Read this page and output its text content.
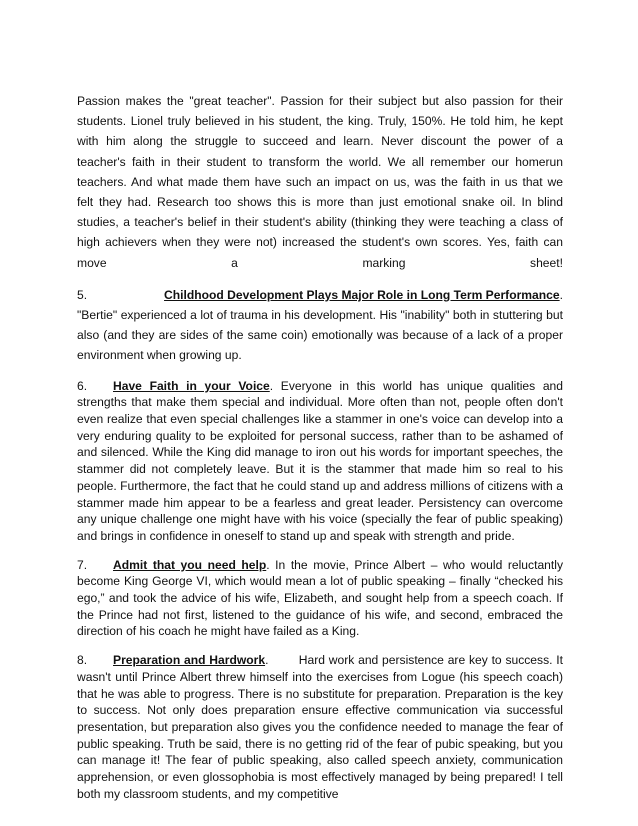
Passion makes the "great teacher". Passion for their subject but also passion for their
students. Lionel truly believed in his student, the king. Truly, 150%. He told him, he kept
with him along the struggle to succeed and learn. Never discount the power of a
teacher's faith in their student to transform the world. We all remember our homerun
teachers. And what made them have such an impact on us, was the faith in us that we
felt they had. Research too shows this is more than just emotional snake oil. In blind
studies, a teacher's belief in their student's ability (thinking they were teaching a class of
high achievers when they were not) increased the student's own scores. Yes, faith can
move	a	marking	sheet!
5.	Childhood Development Plays Major Role in Long Term Performance.
"Bertie" experienced a lot of trauma in his development. His "inability" both in stuttering but also (and they are sides of the same coin) emotionally was because of a lack of a proper environment when growing up.
6. Have Faith in your Voice. Everyone in this world has unique qualities and strengths that make them special and individual. More often than not, people often don't even realize that even special challenges like a stammer in one's voice can develop into a very enduring quality to be exploited for personal success, rather than to be ashamed of and silenced. While the King did manage to iron out his words for important speeches, the stammer did not completely leave. But it is the stammer that made him so real to his people. Furthermore, the fact that he could stand up and address millions of citizens with a stammer made him appear to be a fearless and great leader. Persistency can overcome any unique challenge one might have with his voice (specially the fear of public speaking) and brings in confidence in oneself to stand up and speak with strength and pride.
7. Admit that you need help. In the movie, Prince Albert – who would reluctantly become King George VI, which would mean a lot of public speaking – finally “checked his ego,” and took the advice of his wife, Elizabeth, and sought help from a speech coach. If the Prince had not first, listened to the guidance of his wife, and second, embraced the direction of his coach he might have failed as a King.
8. Preparation and Hardwork.        Hard work and persistence are key to success. It wasn't until Prince Albert threw himself into the exercises from Logue (his speech coach) that he was able to progress. There is no substitute for preparation. Preparation is the key to success. Not only does preparation ensure effective communication via successful presentation, but preparation also gives you the confidence needed to manage the fear of public speaking. Truth be said, there is no getting rid of the fear of pubic speaking, but you can manage it! The fear of public speaking, also called speech anxiety, communication apprehension, or even glossophobia is most effectively managed by being prepared! I tell both my classroom students, and my competitive
